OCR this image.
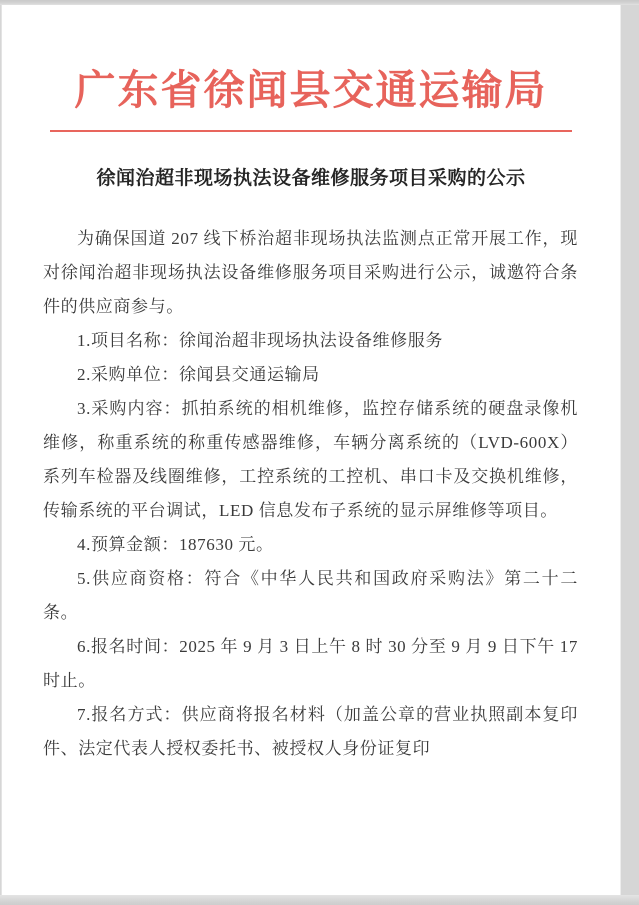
广东省徐闻县交通运输局
徐闻治超非现场执法设备维修服务项目采购的公示

为确保国道 207 线下桥治超非现场执法监测点正常开展工作，现对徐闻治超非现场执法设备维修服务项目采购进行公示，诚邀符合条件的供应商参与。

1.项目名称：徐闻治超非现场执法设备维修服务

2.采购单位：徐闻县交通运输局

3.采购内容：抓拍系统的相机维修，监控存储系统的硬盘录像机维修，称重系统的称重传感器维修，车辆分离系统的（LVD-600X）系列车检器及线圈维修，工控系统的工控机、串口卡及交换机维修，传输系统的平台调试，LED 信息发布子系统的显示屏维修等项目。

4.预算金额：187630 元。

5.供应商资格：符合《中华人民共和国政府采购法》第二十二条。

6.报名时间：2025 年 9 月 3 日上午 8 时 30 分至 9 月 9 日下午 17 时止。

7.报名方式：供应商将报名材料（加盖公章的营业执照副本复印件、法定代表人授权委托书、被授权人身份证复印
